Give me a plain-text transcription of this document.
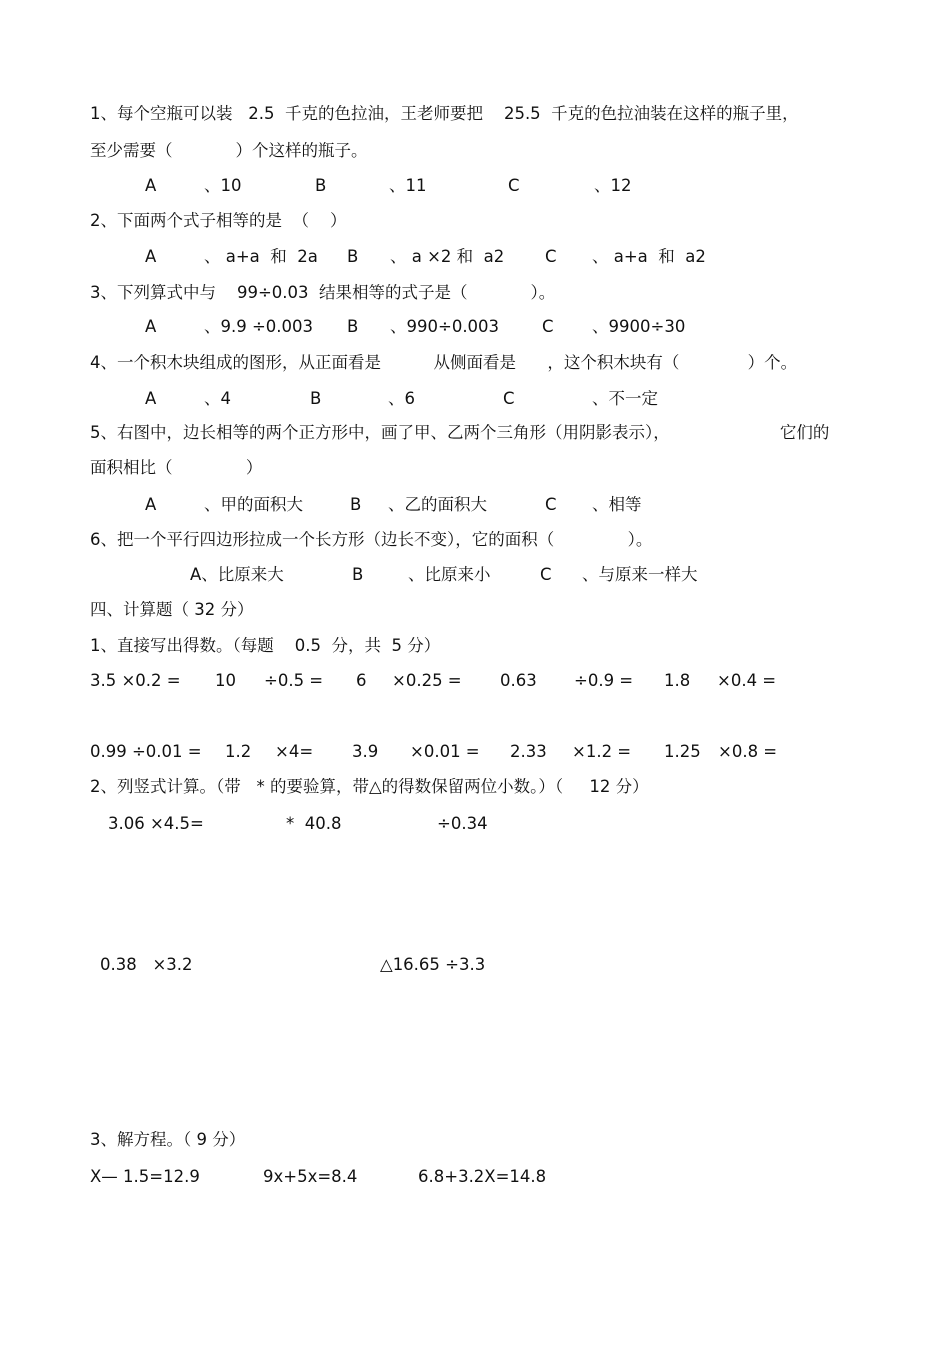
1、每个空瓶可以装   2.5  千克的色拉油，王老师要把    25.5  千克的色拉油装在这样的瓶子里，

至少需要（            ）个这样的瓶子。

A	、10	B	、11	C	、12

2、下面两个式子相等的是  （    ）

A	、 a+a  和  2a B 、 a ×2 和  a2 C 、 a+a  和  a2

3、下列算式中与    99÷0.03  结果相等的式子是（            ）。

A	、9.9 ÷0.003 B 、990÷0.003	C 、9900÷30

4、一个积木块组成的图形，从正面看是          从侧面看是      ，这个积木块有（             ）个。

A	、4	B	、6	C	、不一定

5、右图中，边长相等的两个正方形中，画了甲、乙两个三角形（用阴影表示），                     它们的

面积相比（              ）

A	、甲的面积大	B 、乙的面积大	C 、相等

6、把一个平行四边形拉成一个长方形（边长不变），它的面积（              ）。

A、比原来大	B	、比原来小	C 、与原来一样大

四、计算题（ 32 分）

1、直接写出得数。（每题    0.5  分，共  5 分）

3.5 ×0.2 = 10 ÷0.5 = 6 ×0.25 = 0.63 ÷0.9 = 1.8 ×0.4 =
0.99 ÷0.01 = 1.2 ×4= 3.9 ×0.01 = 2.33 ×1.2 = 1.25 ×0.8 =

2、列竖式计算。（带   * 的要验算，带△的得数保留两位小数。）（     12 分）

3.06 ×4.5=	*  40.8	÷0.34
0.38   ×3.2	△16.65 ÷3.3

3、解方程。（ 9 分）

X— 1.5=12.9	9x+5x=8.4	6.8+3.2X=14.8
